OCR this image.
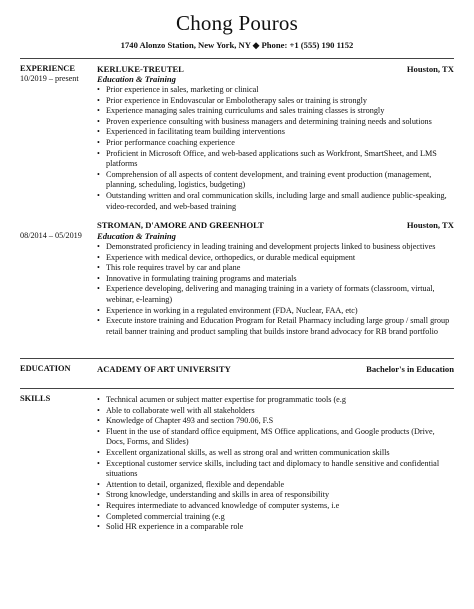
Chong Pouros
1740 Alonzo Station, New York, NY ◆ Phone: +1 (555) 190 1152
EXPERIENCE
10/2019 – present
KERLUKE-TREUTEL	Houston, TX
Education & Training
• Prior experience in sales, marketing or clinical
• Prior experience in Endovascular or Embolotherapy sales or training is strongly
• Experience managing sales training curriculums and sales training classes is strongly
• Proven experience consulting with business managers and determining training needs and solutions
• Experienced in facilitating team building interventions
• Prior performance coaching experience
• Proficient in Microsoft Office, and web-based applications such as Workfront, SmartSheet, and LMS platforms
• Comprehension of all aspects of content development, and training event production (management, planning, scheduling, logistics, budgeting)
• Outstanding written and oral communication skills, including large and small audience public-speaking, video-recorded, and web-based training
08/2014 – 05/2019
STROMAN, D'AMORE AND GREENHOLT	Houston, TX
Education & Training
• Demonstrated proficiency in leading training and development projects linked to business objectives
• Experience with medical device, orthopedics, or durable medical equipment
• This role requires travel by car and plane
• Innovative in formulating training programs and materials
• Experience developing, delivering and managing training in a variety of formats (classroom, virtual, webinar, e-learning)
• Experience in working in a regulated environment (FDA, Nuclear, FAA, etc)
• Execute instore training and Education Program for Retail Pharmacy including large group / small group retail banner training and product sampling that builds instore brand advocacy for RB brand portfolio
EDUCATION	ACADEMY OF ART UNIVERSITY	Bachelor's in Education
SKILLS
•	Technical acumen or subject matter expertise for programmatic tools (e.g
• Able to collaborate well with all stakeholders
• Knowledge of Chapter 493 and section 790.06, F.S
• Fluent in the use of standard office equipment, MS Office applications, and Google products (Drive, Docs, Forms, and Slides)
• Excellent organizational skills, as well as strong oral and written communication skills
• Exceptional customer service skills, including tact and diplomacy to handle sensitive and confidential situations
• Attention to detail, organized, flexible and dependable
• Strong knowledge, understanding and skills in area of responsibility
• Requires intermediate to advanced knowledge of computer systems, i.e
• Completed commercial training (e.g
• Solid HR experience in a comparable role
